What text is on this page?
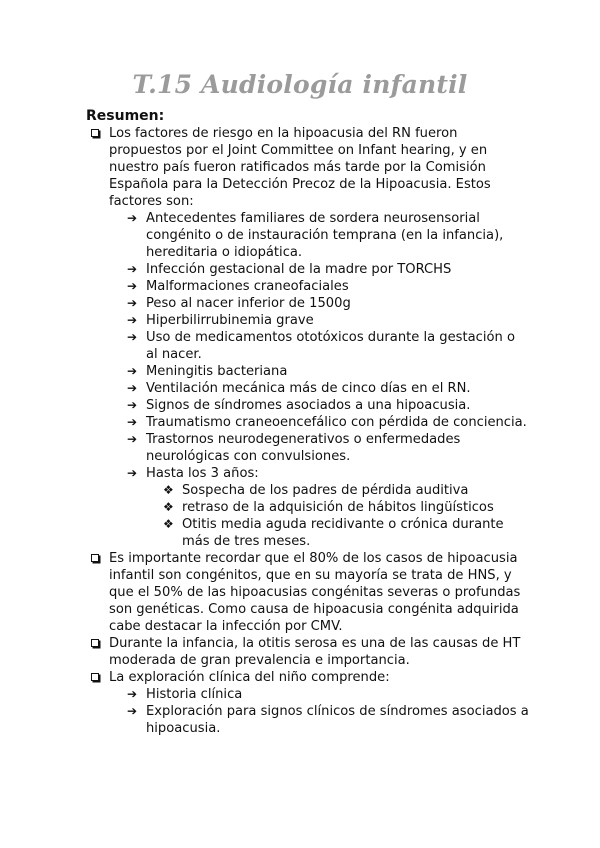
T.15 Audiología infantil
Resumen:
Los factores de riesgo en la hipoacusia del RN fueron propuestos por el Joint Committee on Infant hearing, y en nuestro país fueron ratificados más tarde por la Comisión Española para la Detección Precoz de la Hipoacusia. Estos factores son:
➔ Antecedentes familiares de sordera neurosensorial congénito o de instauración temprana (en la infancia), hereditaria o idiopática.
➔ Infección gestacional de la madre por TORCHS
➔ Malformaciones craneofaciales
➔ Peso al nacer inferior de 1500g
➔ Hiperbilirrubinemia grave
➔ Uso de medicamentos ototóxicos durante la gestación o al nacer.
➔ Meningitis bacteriana
➔ Ventilación mecánica más de cinco días en el RN.
➔ Signos de síndromes asociados a una hipoacusia.
➔ Traumatismo craneoencefálico con pérdida de conciencia.
➔ Trastornos neurodegenerativos o enfermedades neurológicas con convulsiones.
➔ Hasta los 3 años:
❖ Sospecha de los padres de pérdida auditiva
❖ retraso de la adquisición de hábitos lingüísticos
❖ Otitis media aguda recidivante o crónica durante más de tres meses.
Es importante recordar que el 80% de los casos de hipoacusia infantil son congénitos, que en su mayoría se trata de HNS, y que el 50% de las hipoacusias congénitas severas o profundas son genéticas. Como causa de hipoacusia congénita adquirida cabe destacar la infección por CMV.
Durante la infancia, la otitis serosa es una de las causas de HT moderada de gran prevalencia e importancia.
La exploración clínica del niño comprende:
➔ Historia clínica
➔ Exploración para signos clínicos de síndromes asociados a hipoacusia.
